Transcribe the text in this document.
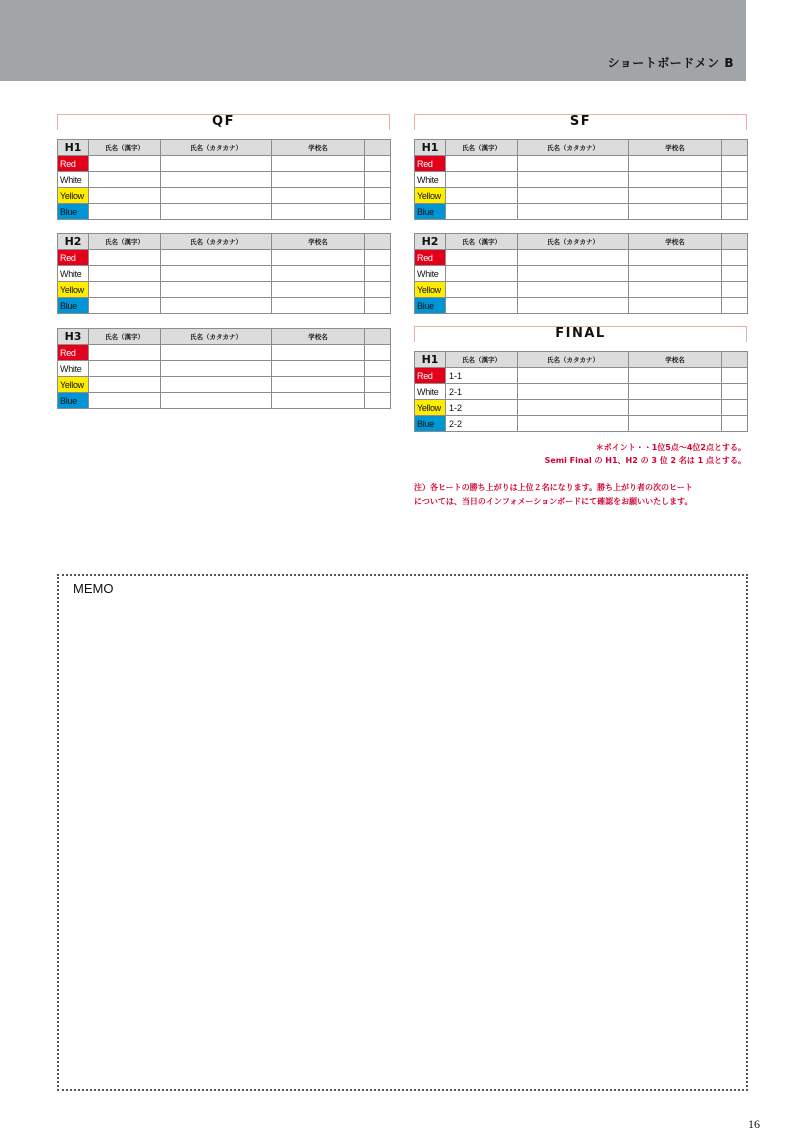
ショートボードメン B
QF
H1	氏名（漢字）	氏名（カタカナ）	学校名	
Red				
White				
Yellow				
Blue				
H2	氏名（漢字）	氏名（カタカナ）	学校名	
Red				
White				
Yellow				
Blue				
H3	氏名（漢字）	氏名（カタカナ）	学校名	
Red				
White				
Yellow				
Blue				
SF
H1	氏名（漢字）	氏名（カタカナ）	学校名	
Red				
White				
Yellow				
Blue				
H2	氏名（漢字）	氏名（カタカナ）	学校名	
Red				
White				
Yellow				
Blue				
FINAL
H1	氏名（漢字）	氏名（カタカナ）	学校名	
Red	1-1			
White	2-1			
Yellow	1-2			
Blue	2-2			
＊ポイント・・1位5点～4位2点とする。
Semi Final の H1、H2 の 3 位 2 名は 1 点とする。
注）各ヒートの勝ち上がりは上位２名になります。勝ち上がり者の次のヒート
については、当日のインフォメーションボードにて確認をお願いいたします。
MEMO
16
